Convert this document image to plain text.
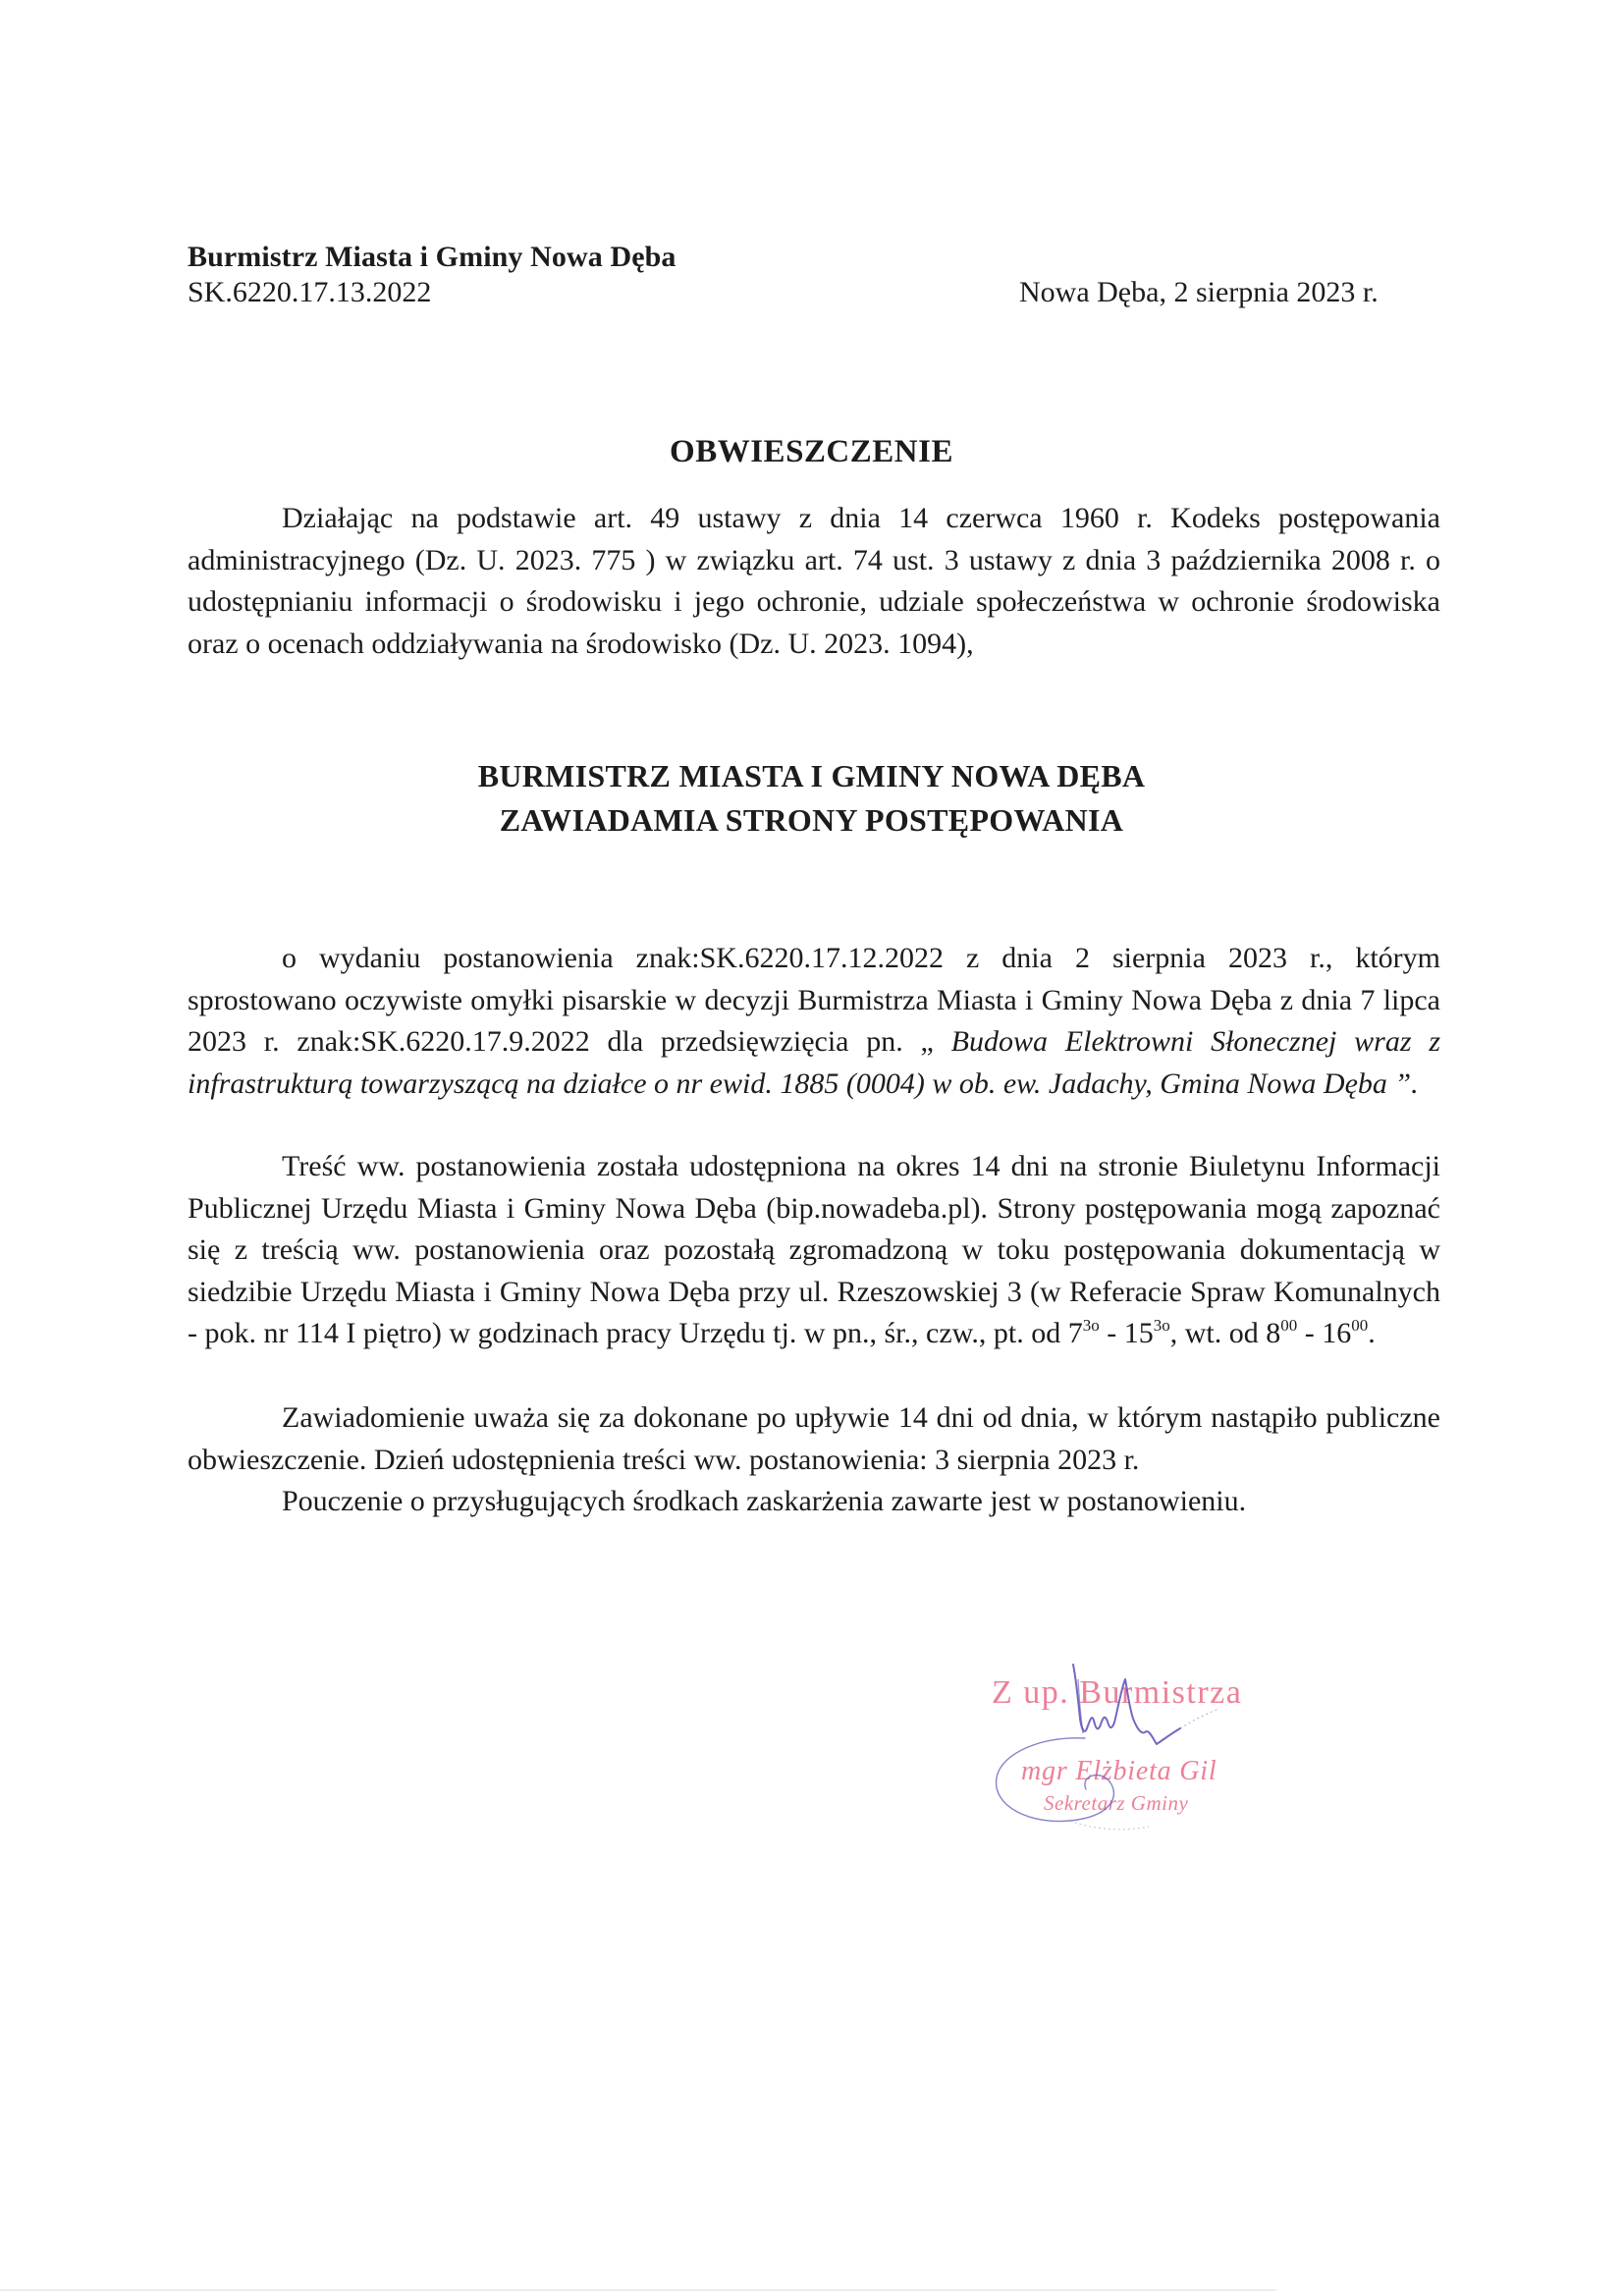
Burmistrz Miasta i Gminy Nowa Dęba
SK.6220.17.13.2022	Nowa Dęba, 2 sierpnia 2023 r.
OBWIESZCZENIE
Działając na podstawie art. 49 ustawy z dnia 14 czerwca 1960 r. Kodeks postępowania administracyjnego (Dz. U. 2023. 775 ) w związku art. 74 ust. 3 ustawy z dnia 3 października 2008 r. o udostępnianiu informacji o środowisku i jego ochronie, udziale społeczeństwa w ochronie środowiska oraz o ocenach oddziaływania na środowisko (Dz. U. 2023. 1094),
BURMISTRZ MIASTA I GMINY NOWA DĘBA
ZAWIADAMIA STRONY POSTĘPOWANIA
o wydaniu postanowienia znak:SK.6220.17.12.2022 z dnia 2 sierpnia 2023 r., którym sprostowano oczywiste omyłki pisarskie w decyzji Burmistrza Miasta i Gminy Nowa Dęba z dnia 7 lipca 2023 r. znak:SK.6220.17.9.2022 dla przedsięwzięcia pn. „ Budowa Elektrowni Słonecznej wraz z infrastrukturą towarzyszącą na działce o nr ewid. 1885 (0004) w ob. ew. Jadachy, Gmina Nowa Dęba ”.
Treść ww. postanowienia została udostępniona na okres 14 dni na stronie Biuletynu Informacji Publicznej Urzędu Miasta i Gminy Nowa Dęba (bip.nowadeba.pl). Strony postępowania mogą zapoznać się z treścią ww. postanowienia oraz pozostałą zgromadzoną w toku postępowania dokumentacją w siedzibie Urzędu Miasta i Gminy Nowa Dęba przy ul. Rzeszowskiej 3 (w Referacie Spraw Komunalnych - pok. nr 114 I piętro) w godzinach pracy Urzędu tj. w pn., śr., czw., pt. od $7^{3o} - 15^{3o}$, wt. od $8^{00} - 16^{00}$.
Zawiadomienie uważa się za dokonane po upływie 14 dni od dnia, w którym nastąpiło publiczne obwieszczenie. Dzień udostępnienia treści ww. postanowienia: 3 sierpnia 2023 r.
Pouczenie o przysługujących środkach zaskarżenia zawarte jest w postanowieniu.
Z up. Burmistrza
mgr Elżbieta Gil
Sekretarz Gminy
